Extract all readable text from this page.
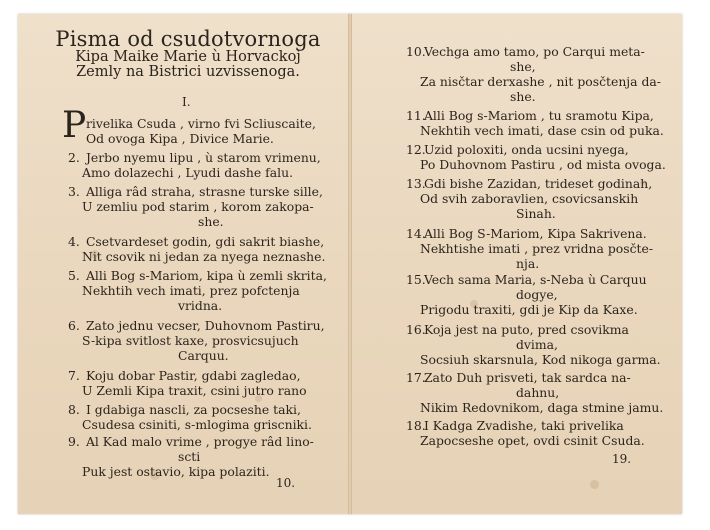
Pisma od csudotvornoga
Kipa Maike Marie ù Horvackoj
Zemly na Bistrici uzvissenoga.
I.
P rivelika Csuda , virno fvi Scliuscaite,
Od ovoga Kipa , Divice Marie.
2. Jerbo nyemu lipu , ù starom vrimenu,
Amo dolazechi , Lyudi dashe falu.
3. Alliga râd straha, strasne turske sille,
U zemliu pod starim , korom zakopa-
she.
4. Csetvardeset godin, gdi sakrit biashe,
Nit csovik ni jedan za nyega neznashe.
5. Alli Bog s-Mariom, kipa ù zemli skrita,
Nekhtih vech imati, prez pofctenja
vridna.
6. Zato jednu vecser, Duhovnom Pastiru,
S-kipa svitlost kaxe, prosvicsujuch
Carquu.
7. Koju dobar Pastir, gdabi zagledao,
U Zemli Kipa traxit, csini jutro rano
8. I gdabiga nascli, za pocseshe taki,
Csudesa csiniti, s-mlogima griscniki.
9. Al Kad malo vrime , progye râd lino-
scti
Puk jest ostavio, kipa polaziti.
10.
10. Vechga amo tamo, po Carqui meta-
she,
Za nisčtar derxashe , nit posčtenja da-
she.
11. Alli Bog s-Mariom , tu sramotu Kipa,
Nekhtih vech imati, dase csin od puka.
12. Uzid poloxiti, onda ucsini nyega,
Po Duhovnom Pastiru , od mista ovoga.
13. Gdi bishe Zazidan, trideset godinah,
Od svih zaboravlien, csovicsanskih
Sinah.
14. Alli Bog S-Mariom, Kipa Sakrivena.
Nekhtishe imati , prez vridna posčte-
nja.
15. Vech sama Maria, s-Neba ù Carquu
dogye,
Prigodu traxiti, gdi je Kip da Kaxe.
16. Koja jest na puto, pred csovikma
dvima,
Socsiuh skarsnula, Kod nikoga garma.
17. Zato Duh prisveti, tak sardca na-
dahnu,
Nikim Redovnikom, daga stmine jamu.
18. I Kadga Zvadishe, taki privelika
Zapocseshe opet, ovdi csinit Csuda.
19.
